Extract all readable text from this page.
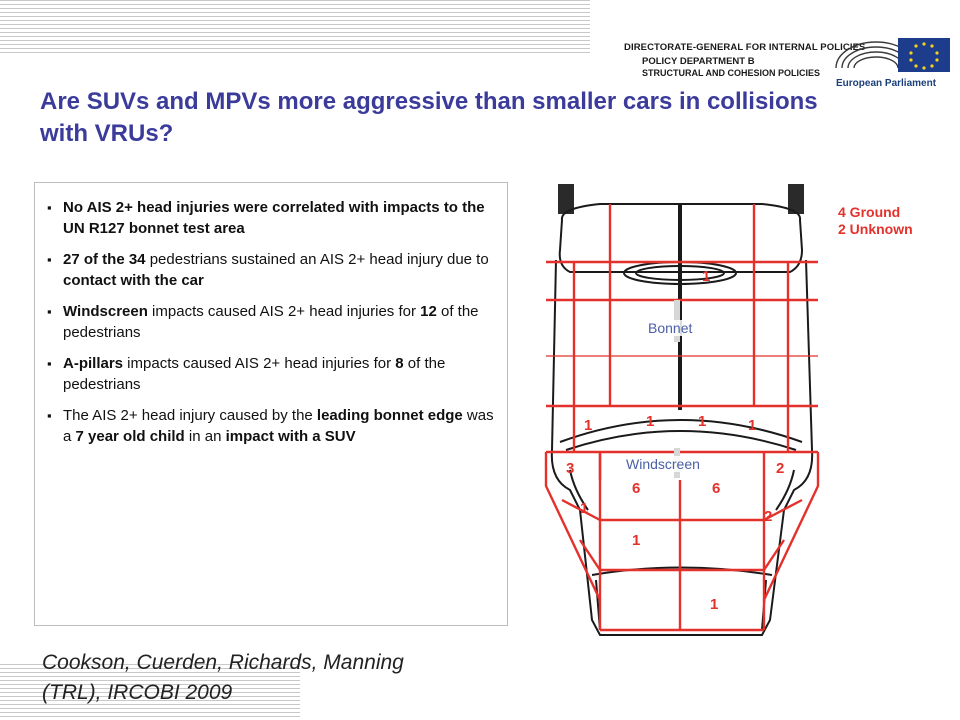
DIRECTORATE-GENERAL FOR INTERNAL POLICIES
POLICY DEPARTMENT B
STRUCTURAL AND COHESION POLICIES
European Parliament
Are SUVs and MPVs more aggressive than smaller cars in collisions with VRUs?
▪ No AIS 2+ head injuries were correlated with impacts to the UN R127 bonnet test area
▪ 27 of the 34 pedestrians sustained an AIS 2+ head injury due to contact with the car
▪ Windscreen impacts caused AIS 2+ head injuries for 12 of the pedestrians
▪ A-pillars impacts caused AIS 2+ head injuries for 8 of the pedestrians
▪ The AIS 2+ head injury caused by the leading bonnet edge was a 7 year old child in an impact with a SUV
Cookson, Cuerden, Richards, Manning
(TRL), IRCOBI 2009
Bonnet
Windscreen
1
1	1	1	1
3	2
6	6
1	2
1
1
4 Ground
2 Unknown
